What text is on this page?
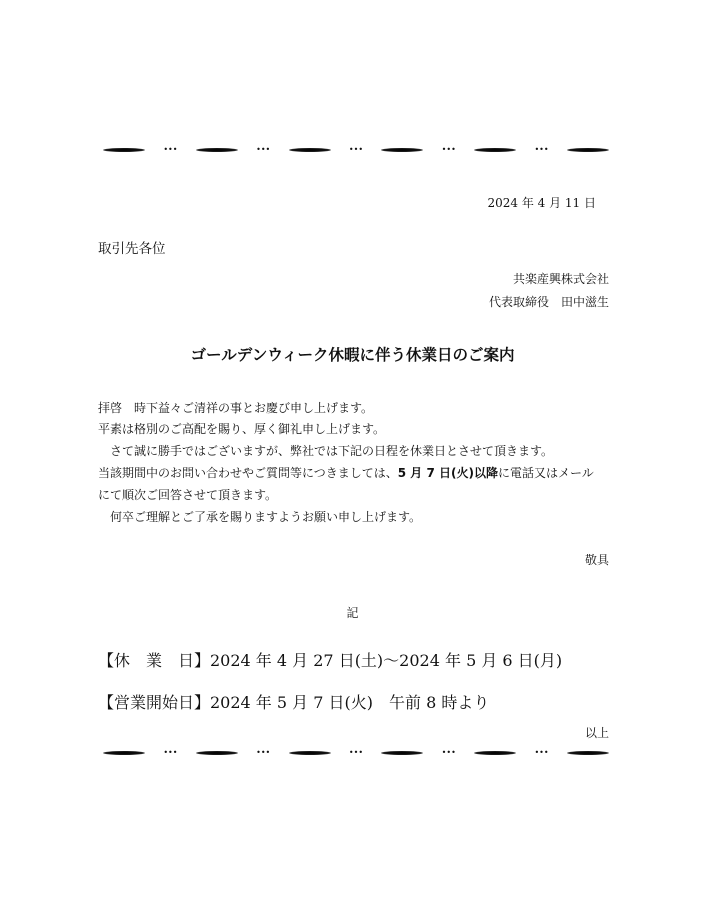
•••	•••	•••	•••	•••
2024 年 4 月 11 日
取引先各位
共楽産興株式会社
代表取締役　田中滋生
ゴールデンウィーク休暇に伴う休業日のご案内
拝啓　時下益々ご清祥の事とお慶び申し上げます。
平素は格別のご高配を賜り、厚く御礼申し上げます。
　さて誠に勝手ではございますが、弊社では下記の日程を休業日とさせて頂きます。
当該期間中のお問い合わせやご質問等につきましては、5 月 7 日(火)以降に電話又はメール
にて順次ご回答させて頂きます。
　何卒ご理解とご了承を賜りますようお願い申し上げます。
敬具
記
【休　業　日】2024 年 4 月 27 日(土)～2024 年 5 月 6 日(月)
【営業開始日】2024 年 5 月 7 日(火)　午前 8 時より
以上
•••	•••	•••	•••	•••
